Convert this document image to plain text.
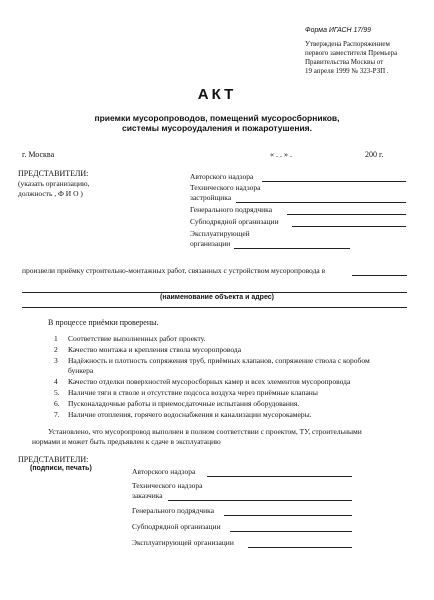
Форма ИГАСН 17/99
Утверждена Распоряжением
первого заместителя Премьера
Правительства Москвы от
19 апреля 1999 № 323-РЗП .
АКТ
приемки мусоропроводов, помещений мусоросборников,
системы мусороудаления и пожаротушения.
г. Москва	« . . » .	200 г.
ПРЕДСТАВИТЕЛИ:
(указать организацию,
должность , Ф И О )
Авторского надзора
Технического надзора
застройщика
Генерального подрядчика
Субподрядной организации
Эксплуатирующей
организации
произвели приёмку строительно-монтажных работ, связанных с устройством мусоропровода в
(наименование объекта и адрес)
В процессе приёмки проверены.
1 Соответствие выполненных работ проекту.
2 Качество монтажа и крепления ствола мусоропровода
3 Надёжность и плотность сопряжения труб, приёмных клапанов, сопряжение ствола с коробом
бункера
4 Качество отделки поверхностей мусоросборных камер и всех элементов мусоропровода
5. Наличие тяги в стволе и отсутствие подсоса воздуха через приёмные клапаны
6. Пусконаладочные работы и приемосдаточные испытания оборудования.
7. Наличие отопления, горячего водоснабжения и канализации мусорокамеры.
Установлено, что мусоропровод выполнен в полном соответствии с проектом, ТУ, строительными
нормами и может быть предъявлен к сдаче в эксплуатацию
ПРЕДСТАВИТЕЛИ:
(подписи, печать)	Авторского надзора
Технического надзора
заказчика
Генерального подрядчика
Субподрядной организации
Эксплуатирующей организации
